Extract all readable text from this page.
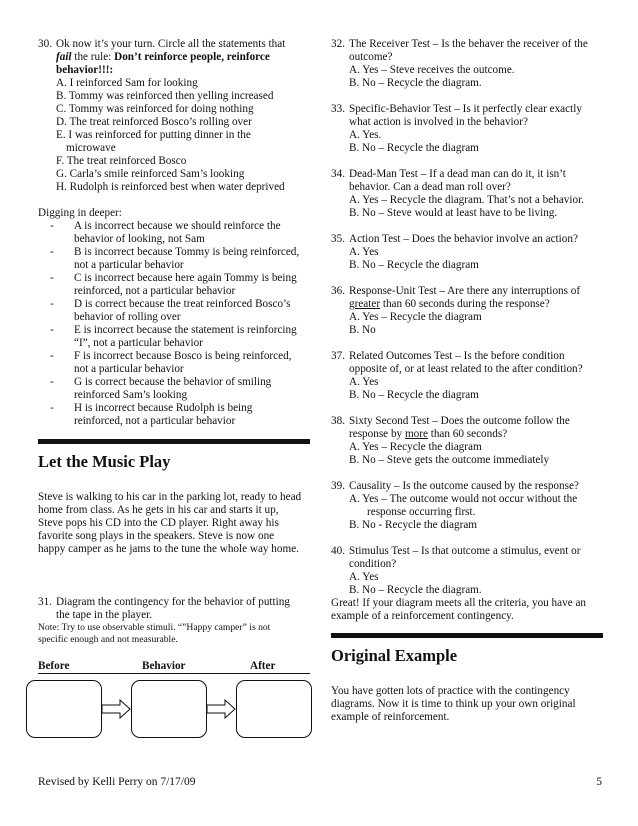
30. Ok now it’s your turn. Circle all the statements that
fail the rule: Don’t reinforce people, reinforce behavior!!!:
A. I reinforced Sam for looking
B. Tommy was reinforced then yelling increased
C. Tommy was reinforced for doing nothing
D. The treat reinforced Bosco’s rolling over
E. I was reinforced for putting dinner in the
microwave
F. The treat reinforced Bosco
G. Carla’s smile reinforced Sam’s looking
H. Rudolph is reinforced best when water deprived
Digging in deeper:
-	A is incorrect because we should reinforce the
behavior of looking, not Sam
-	B is incorrect because Tommy is being reinforced,
not a particular behavior
-	C is incorrect because here again Tommy is being
reinforced, not a particular behavior
-	D is correct because the treat reinforced Bosco’s
behavior of rolling over
-	E is incorrect because the statement is reinforcing
“I”, not a particular behavior
-	F is incorrect because Bosco is being reinforced,
not a particular behavior
-	G is correct because the behavior of smiling
reinforced Sam’s looking
-	H is incorrect because Rudolph is being
reinforced, not a particular behavior
Let the Music Play
Steve is walking to his car in the parking lot, ready to head
home from class. As he gets in his car and starts it up,
Steve pops his CD into the CD player. Right away his
favorite song plays in the speakers. Steve is now one
happy camper as he jams to the tune the whole way home.
31. Diagram the contingency for the behavior of putting
the tape in the player.
Note: Try to use observable stimuli. “”Happy camper” is not
specific enough and not measurable.
Before	Behavior	After
32. The Receiver Test – Is the behaver the receiver of the
outcome?
A. Yes – Steve receives the outcome.
B. No – Recycle the diagram.
33. Specific-Behavior Test – Is it perfectly clear exactly
what action is involved in the behavior?
A. Yes.
B. No – Recycle the diagram
34. Dead-Man Test – If a dead man can do it, it isn’t
behavior. Can a dead man roll over?
A. Yes – Recycle the diagram. That’s not a behavior.
B. No – Steve would at least have to be living.
35. Action Test – Does the behavior involve an action?
A. Yes
B. No – Recycle the diagram
36. Response-Unit Test – Are there any interruptions of
greater than 60 seconds during the response?
A. Yes – Recycle the diagram
B. No
37. Related Outcomes Test – Is the before condition
opposite of, or at least related to the after condition?
A. Yes
B. No – Recycle the diagram
38. Sixty Second Test – Does the outcome follow the
response by more than 60 seconds?
A. Yes – Recycle the diagram
B. No – Steve gets the outcome immediately
39. Causality – Is the outcome caused by the response?
A. Yes – The outcome would not occur without the
response occurring first.
B. No - Recycle the diagram
40. Stimulus Test – Is that outcome a stimulus, event or
condition?
A. Yes
B. No – Recycle the diagram.
Great! If your diagram meets all the criteria, you have an
example of a reinforcement contingency.
Original Example
You have gotten lots of practice with the contingency
diagrams. Now it is time to think up your own original
example of reinforcement.
Revised by Kelli Perry on 7/17/09	5
